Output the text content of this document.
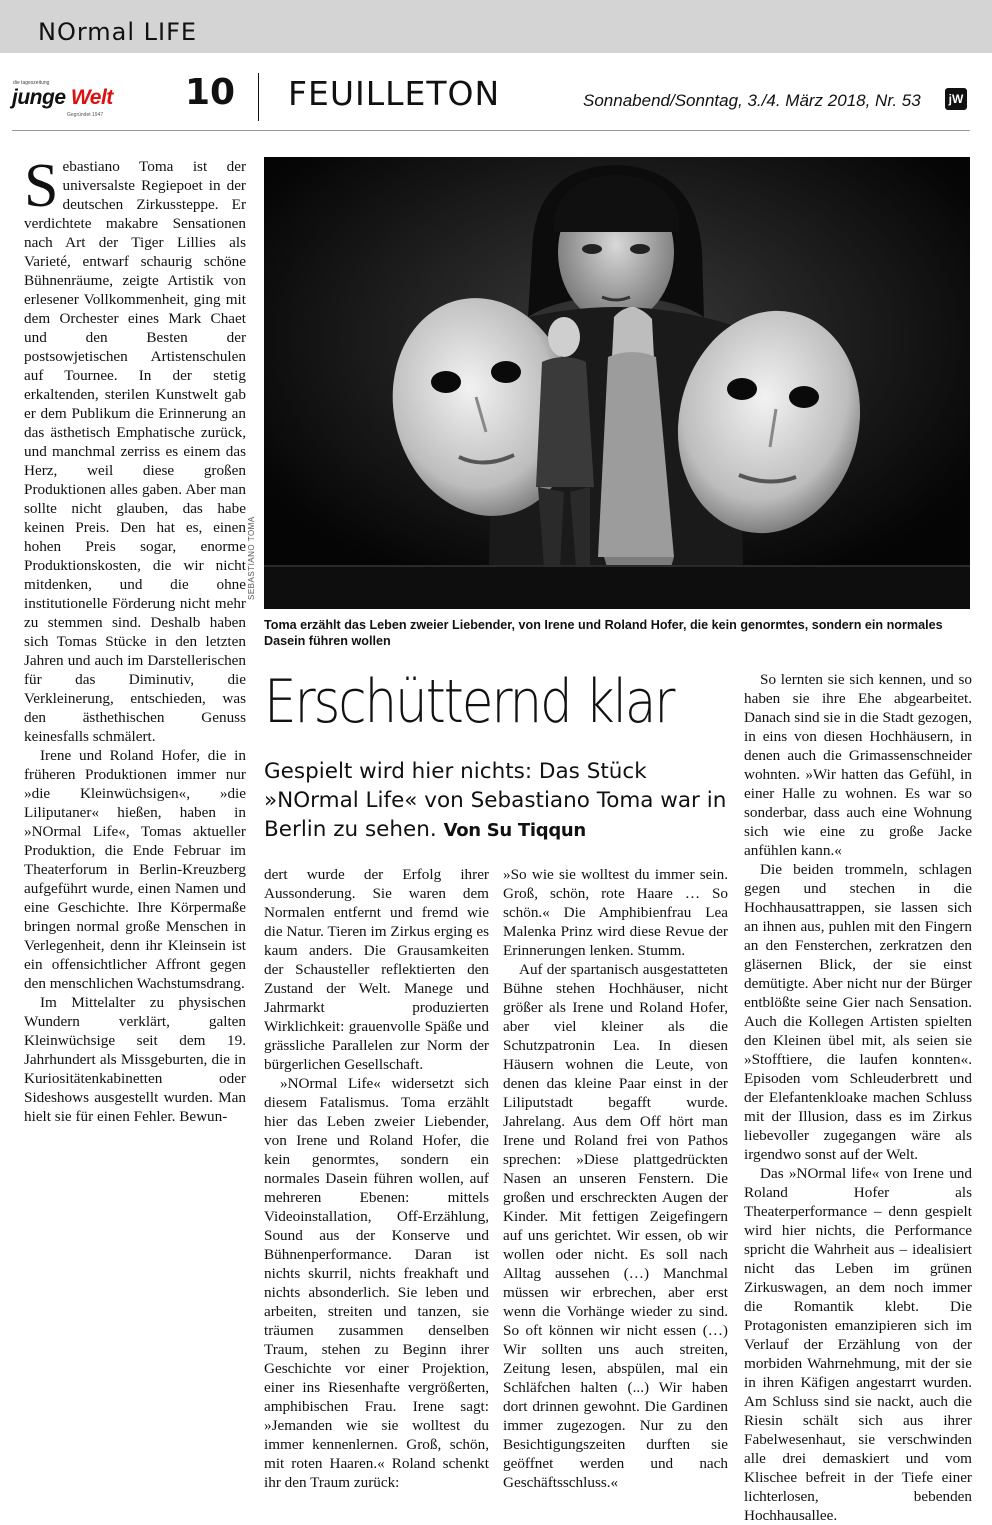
NOrmal LIFE
die tageszeitung
junge Welt
Gegründet 1947
10 FEUILLETON	Sonnabend/Sonntag, 3./4. März 2018, Nr. 53	jW

Sebastiano Toma ist der universalste Regiepoet in der deutschen Zirkussteppe. Er verdichtete makabre Sensationen nach Art der Tiger Lillies als Varieté, entwarf schaurig schöne Bühnenräume, zeigte Artistik von erlesener Vollkommenheit, ging mit dem Orchester eines Mark Chaet und den Besten der postsowjetischen Artistenschulen auf Tournee. In der stetig erkaltenden, sterilen Kunstwelt gab er dem Publikum die Erinnerung an das ästhetisch Emphatische zurück, und manchmal zerriss es einem das Herz, weil diese großen Produktionen alles gaben. Aber man sollte nicht glauben, das habe keinen Preis. Den hat es, einen hohen Preis sogar, enorme Produktionskosten, die wir nicht mitdenken, und die ohne institutionelle Förderung nicht mehr zu stemmen sind. Deshalb haben sich Tomas Stücke in den letzten Jahren und auch im Darstellerischen für das Diminutiv, die Verkleinerung, entschieden, was den ästhethischen Genuss keinesfalls schmälert.

Irene und Roland Hofer, die in früheren Produktionen immer nur »die Kleinwüchsigen«, »die Liliputaner« hießen, haben in »NOrmal Life«, Tomas aktueller Produktion, die Ende Februar im Theaterforum in Berlin-Kreuzberg aufgeführt wurde, einen Namen und eine Geschichte. Ihre Körpermaße bringen normal große Menschen in Verlegenheit, denn ihr Kleinsein ist ein offensichtlicher Affront gegen den menschlichen Wachstumsdrang.

Im Mittelalter zu physischen Wundern verklärt, galten Kleinwüchsige seit dem 19. Jahrhundert als Missgeburten, die in Kuriositätenkabinetten oder Sideshows ausgestellt wurden. Man hielt sie für einen Fehler. Bewun-

SEBASTIANO TOMA
Toma erzählt das Leben zweier Liebender, von Irene und Roland Hofer, die kein genormtes, sondern ein normales Dasein führen wollen
Erschütternd klar
Gespielt wird hier nichts: Das Stück »NOrmal Life« von Sebastiano Toma war in Berlin zu sehen. Von Su Tiqqun

dert wurde der Erfolg ihrer Aussonderung. Sie waren dem Normalen entfernt und fremd wie die Natur. Tieren im Zirkus erging es kaum anders. Die Grausamkeiten der Schausteller reflektierten den Zustand der Welt. Manege und Jahrmarkt produzierten Wirklichkeit: grauenvolle Späße und grässliche Parallelen zur Norm der bürgerlichen Gesellschaft.

»NOrmal Life« widersetzt sich diesem Fatalismus. Toma erzählt hier das Leben zweier Liebender, von Irene und Roland Hofer, die kein genormtes, sondern ein normales Dasein führen wollen, auf mehreren Ebenen: mittels Videoinstallation, Off-Erzählung, Sound aus der Konserve und Bühnenperformance. Daran ist nichts skurril, nichts freakhaft und nichts absonderlich. Sie leben und arbeiten, streiten und tanzen, sie träumen zusammen denselben Traum, stehen zu Beginn ihrer Geschichte vor einer Projektion, einer ins Riesenhafte vergrößerten, amphibischen Frau. Irene sagt: »Jemanden wie sie wolltest du immer kennenlernen. Groß, schön, mit roten Haaren.« Roland schenkt ihr den Traum zurück:

»So wie sie wolltest du immer sein. Groß, schön, rote Haare … So schön.« Die Amphibienfrau Lea Malenka Prinz wird diese Revue der Erinnerungen lenken. Stumm.

Auf der spartanisch ausgestatteten Bühne stehen Hochhäuser, nicht größer als Irene und Roland Hofer, aber viel kleiner als die Schutzpatronin Lea. In diesen Häusern wohnen die Leute, von denen das kleine Paar einst in der Liliputstadt begafft wurde. Jahrelang. Aus dem Off hört man Irene und Roland frei von Pathos sprechen: »Diese plattgedrückten Nasen an unseren Fenstern. Die großen und erschreckten Augen der Kinder. Mit fettigen Zeigefingern auf uns gerichtet. Wir essen, ob wir wollen oder nicht. Es soll nach Alltag aussehen (…) Manchmal müssen wir erbrechen, aber erst wenn die Vorhänge wieder zu sind. So oft können wir nicht essen (…) Wir sollten uns auch streiten, Zeitung lesen, abspülen, mal ein Schläfchen halten (...) Wir haben dort drinnen gewohnt. Die Gardinen immer zugezogen. Nur zu den Besichtigungszeiten durften sie geöffnet werden und nach Geschäftsschluss.«

So lernten sie sich kennen, und so haben sie ihre Ehe abgearbeitet. Danach sind sie in die Stadt gezogen, in eins von diesen Hochhäusern, in denen auch die Grimassenschneider wohnten. »Wir hatten das Gefühl, in einer Halle zu wohnen. Es war so sonderbar, dass auch eine Wohnung sich wie eine zu große Jacke anfühlen kann.«

Die beiden trommeln, schlagen gegen und stechen in die Hochhausattrappen, sie lassen sich an ihnen aus, puhlen mit den Fingern an den Fensterchen, zerkratzen den gläsernen Blick, der sie einst demütigte. Aber nicht nur der Bürger entblößte seine Gier nach Sensation. Auch die Kollegen Artisten spielten den Kleinen übel mit, als seien sie »Stofftiere, die laufen konnten«. Episoden vom Schleuderbrett und der Elefantenkloake machen Schluss mit der Illusion, dass es im Zirkus liebevoller zugegangen wäre als irgendwo sonst auf der Welt.

Das »NOrmal life« von Irene und Roland Hofer als Theaterperformance – denn gespielt wird hier nichts, die Performance spricht die Wahrheit aus – idealisiert nicht das Leben im grünen Zirkuswagen, an dem noch immer die Romantik klebt. Die Protagonisten emanzipieren sich im Verlauf der Erzählung von der morbiden Wahrnehmung, mit der sie in ihren Käfigen angestarrt wurden. Am Schluss sind sie nackt, auch die Riesin schält sich aus ihrer Fabelwesenhaut, sie verschwinden alle drei demaskiert und vom Klischee befreit in der Tiefe einer lichterlosen, bebenden Hochhausallee.
